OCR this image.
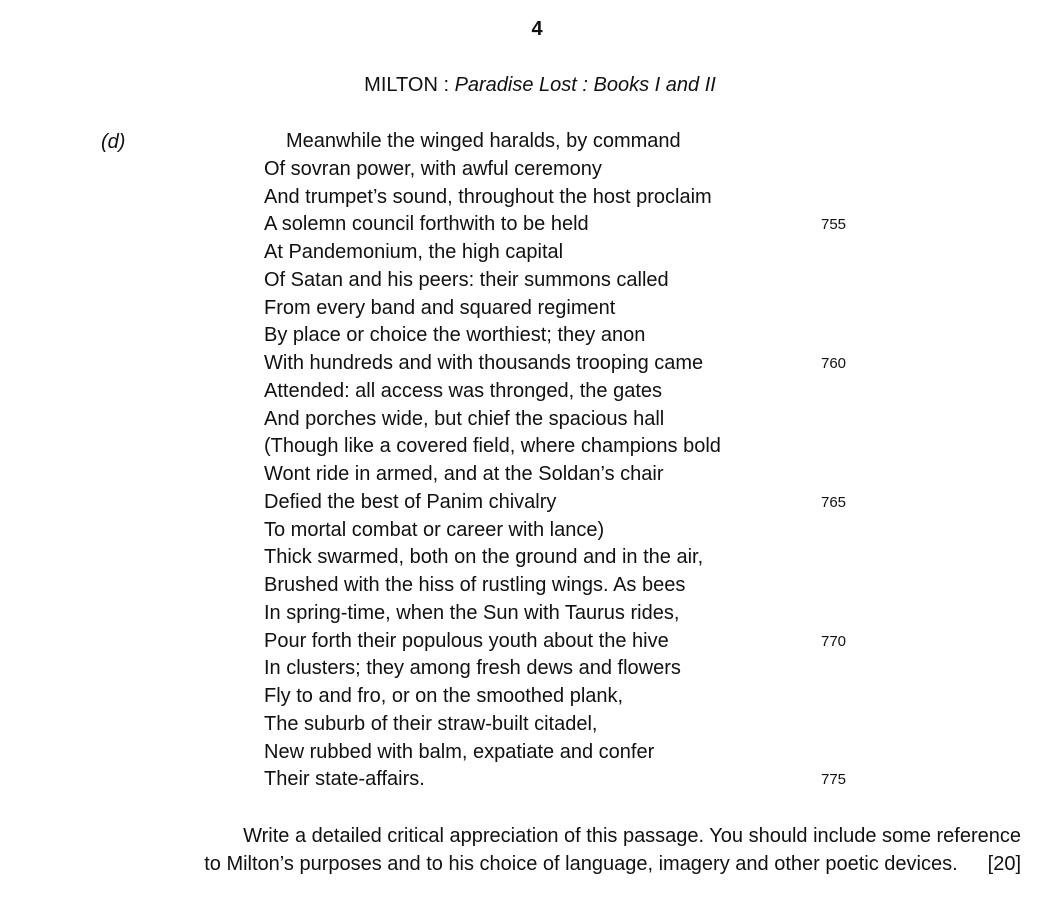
4
MILTON : Paradise Lost : Books I and II
(d)	Meanwhile the winged haralds, by command
Of sovran power, with awful ceremony
And trumpet’s sound, throughout the host proclaim
A solemn council forthwith to be held	755
At Pandemonium, the high capital
Of Satan and his peers: their summons called
From every band and squared regiment
By place or choice the worthiest; they anon
With hundreds and with thousands trooping came	760
Attended: all access was thronged, the gates
And porches wide, but chief the spacious hall
(Though like a covered field, where champions bold
Wont ride in armed, and at the Soldan’s chair
Defied the best of Panim chivalry	765
To mortal combat or career with lance)
Thick swarmed, both on the ground and in the air,
Brushed with the hiss of rustling wings. As bees
In spring-time, when the Sun with Taurus rides,
Pour forth their populous youth about the hive	770
In clusters; they among fresh dews and flowers
Fly to and fro, or on the smoothed plank,
The suburb of their straw-built citadel,
New rubbed with balm, expatiate and confer
Their state-affairs.	775
Write a detailed critical appreciation of this passage. You should include some reference
to Milton’s purposes and to his choice of language, imagery and other poetic devices. [20]
